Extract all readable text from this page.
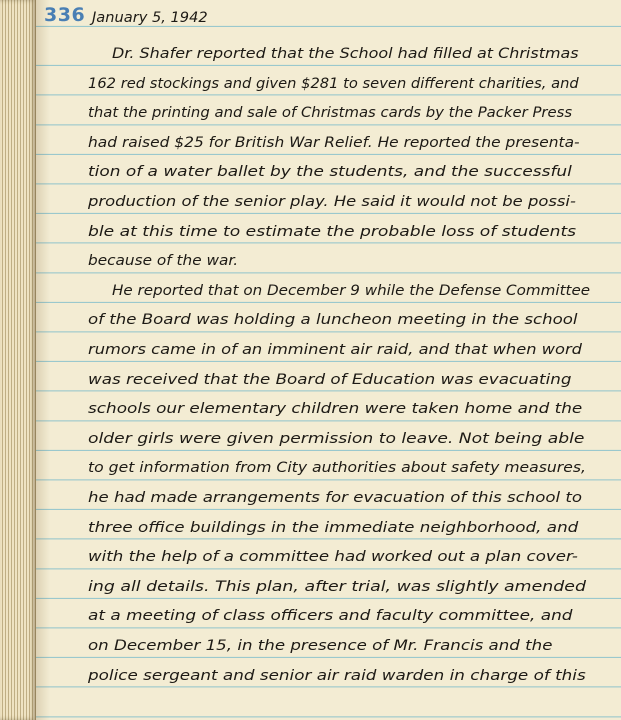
336 January 5, 1942
Dr. Shafer reported that the School had filled at Christmas
162 red stockings and given $281 to seven different charities, and
that the printing and sale of Christmas cards by the Packer Press
had raised $25 for British War Relief. He reported the presenta-
tion of a water ballet by the students, and the successful
production of the senior play. He said it would not be possi-
ble at this time to estimate the probable loss of students
because of the war.
He reported that on December 9 while the Defense Committee
of the Board was holding a luncheon meeting in the school
rumors came in of an imminent air raid, and that when word
was received that the Board of Education was evacuating
schools our elementary children were taken home and the
older girls were given permission to leave. Not being able
to get information from City authorities about safety measures,
he had made arrangements for evacuation of this school to
three office buildings in the immediate neighborhood, and
with the help of a committee had worked out a plan cover-
ing all details. This plan, after trial, was slightly amended
at a meeting of class officers and faculty committee, and
on December 15, in the presence of Mr. Francis and the
police sergeant and senior air raid warden in charge of this
